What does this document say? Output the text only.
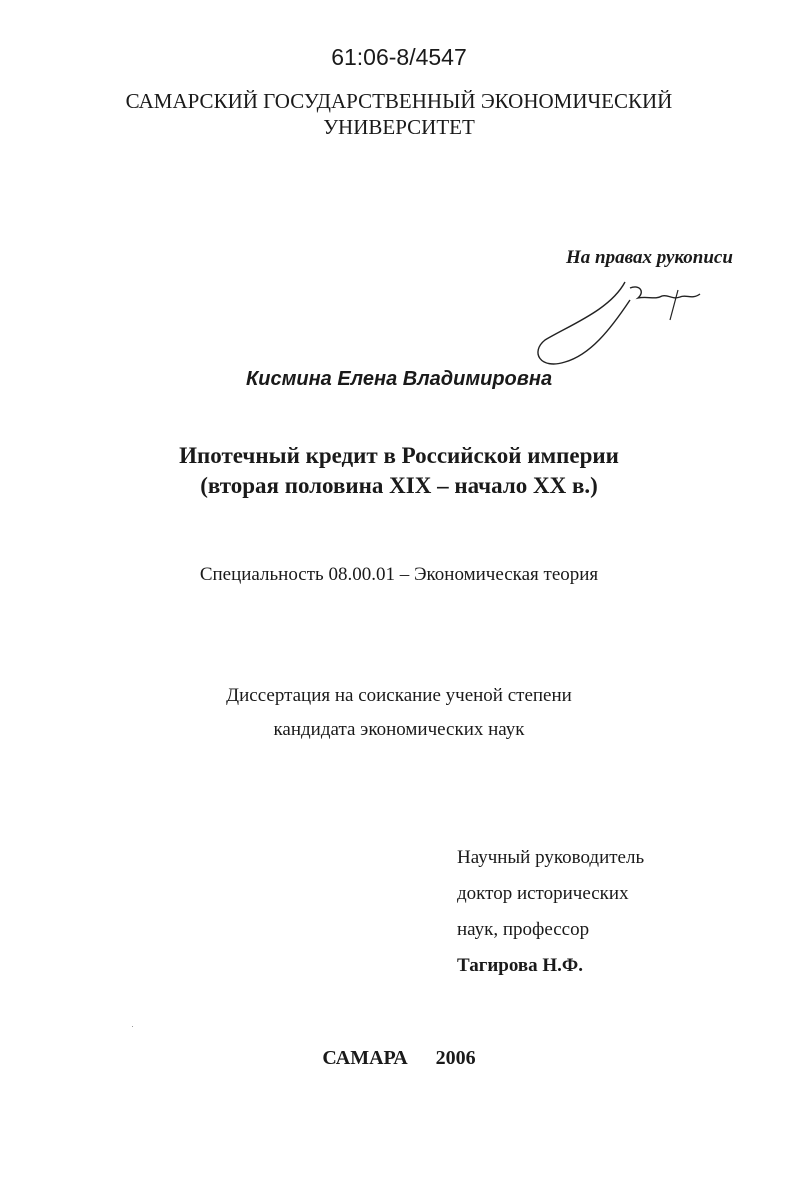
61:06-8/4547
САМАРСКИЙ ГОСУДАРСТВЕННЫЙ ЭКОНОМИЧЕСКИЙ
УНИВЕРСИТЕТ
На правах рукописи
Кисмина Елена Владимировна
Ипотечный кредит в Российской империи
(вторая половина XIX – начало XX в.)
Специальность 08.00.01 – Экономическая теория
Диссертация на соискание ученой степени
кандидата экономических наук
Научный руководитель
доктор исторических
наук, профессор
Тагирова Н.Ф.
САМАРА 2006
